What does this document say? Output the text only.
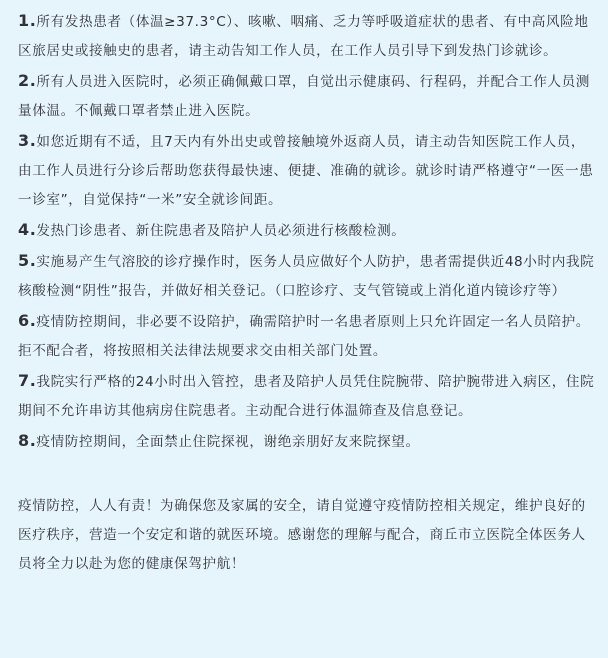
1.所有发热患者（体温≥37.3°C）、咳嗽、咽痛、乏力等呼吸道症状的患者、有中高风险地区旅居史或接触史的患者，请主动告知工作人员，在工作人员引导下到发热门诊就诊。

2.所有人员进入医院时，必须正确佩戴口罩，自觉出示健康码、行程码，并配合工作人员测量体温。不佩戴口罩者禁止进入医院。

3.如您近期有不适，且7天内有外出史或曾接触境外返商人员，请主动告知医院工作人员，由工作人员进行分诊后帮助您获得最快速、便捷、准确的就诊。就诊时请严格遵守“一医一患一诊室”，自觉保持“一米”安全就诊间距。

4.发热门诊患者、新住院患者及陪护人员必须进行核酸检测。

5.实施易产生气溶胶的诊疗操作时，医务人员应做好个人防护，患者需提供近48小时内我院核酸检测“阴性”报告，并做好相关登记。（口腔诊疗、支气管镜或上消化道内镜诊疗等）

6.疫情防控期间，非必要不设陪护，确需陪护时一名患者原则上只允许固定一名人员陪护。拒不配合者，将按照相关法律法规要求交由相关部门处置。

7.我院实行严格的24小时出入管控，患者及陪护人员凭住院腕带、陪护腕带进入病区，住院期间不允许串访其他病房住院患者。主动配合进行体温筛查及信息登记。

8.疫情防控期间，全面禁止住院探视，谢绝亲朋好友来院探望。

疫情防控，人人有责！为确保您及家属的安全，请自觉遵守疫情防控相关规定，维护良好的医疗秩序，营造一个安定和谐的就医环境。感谢您的理解与配合，商丘市立医院全体医务人员将全力以赴为您的健康保驾护航！
